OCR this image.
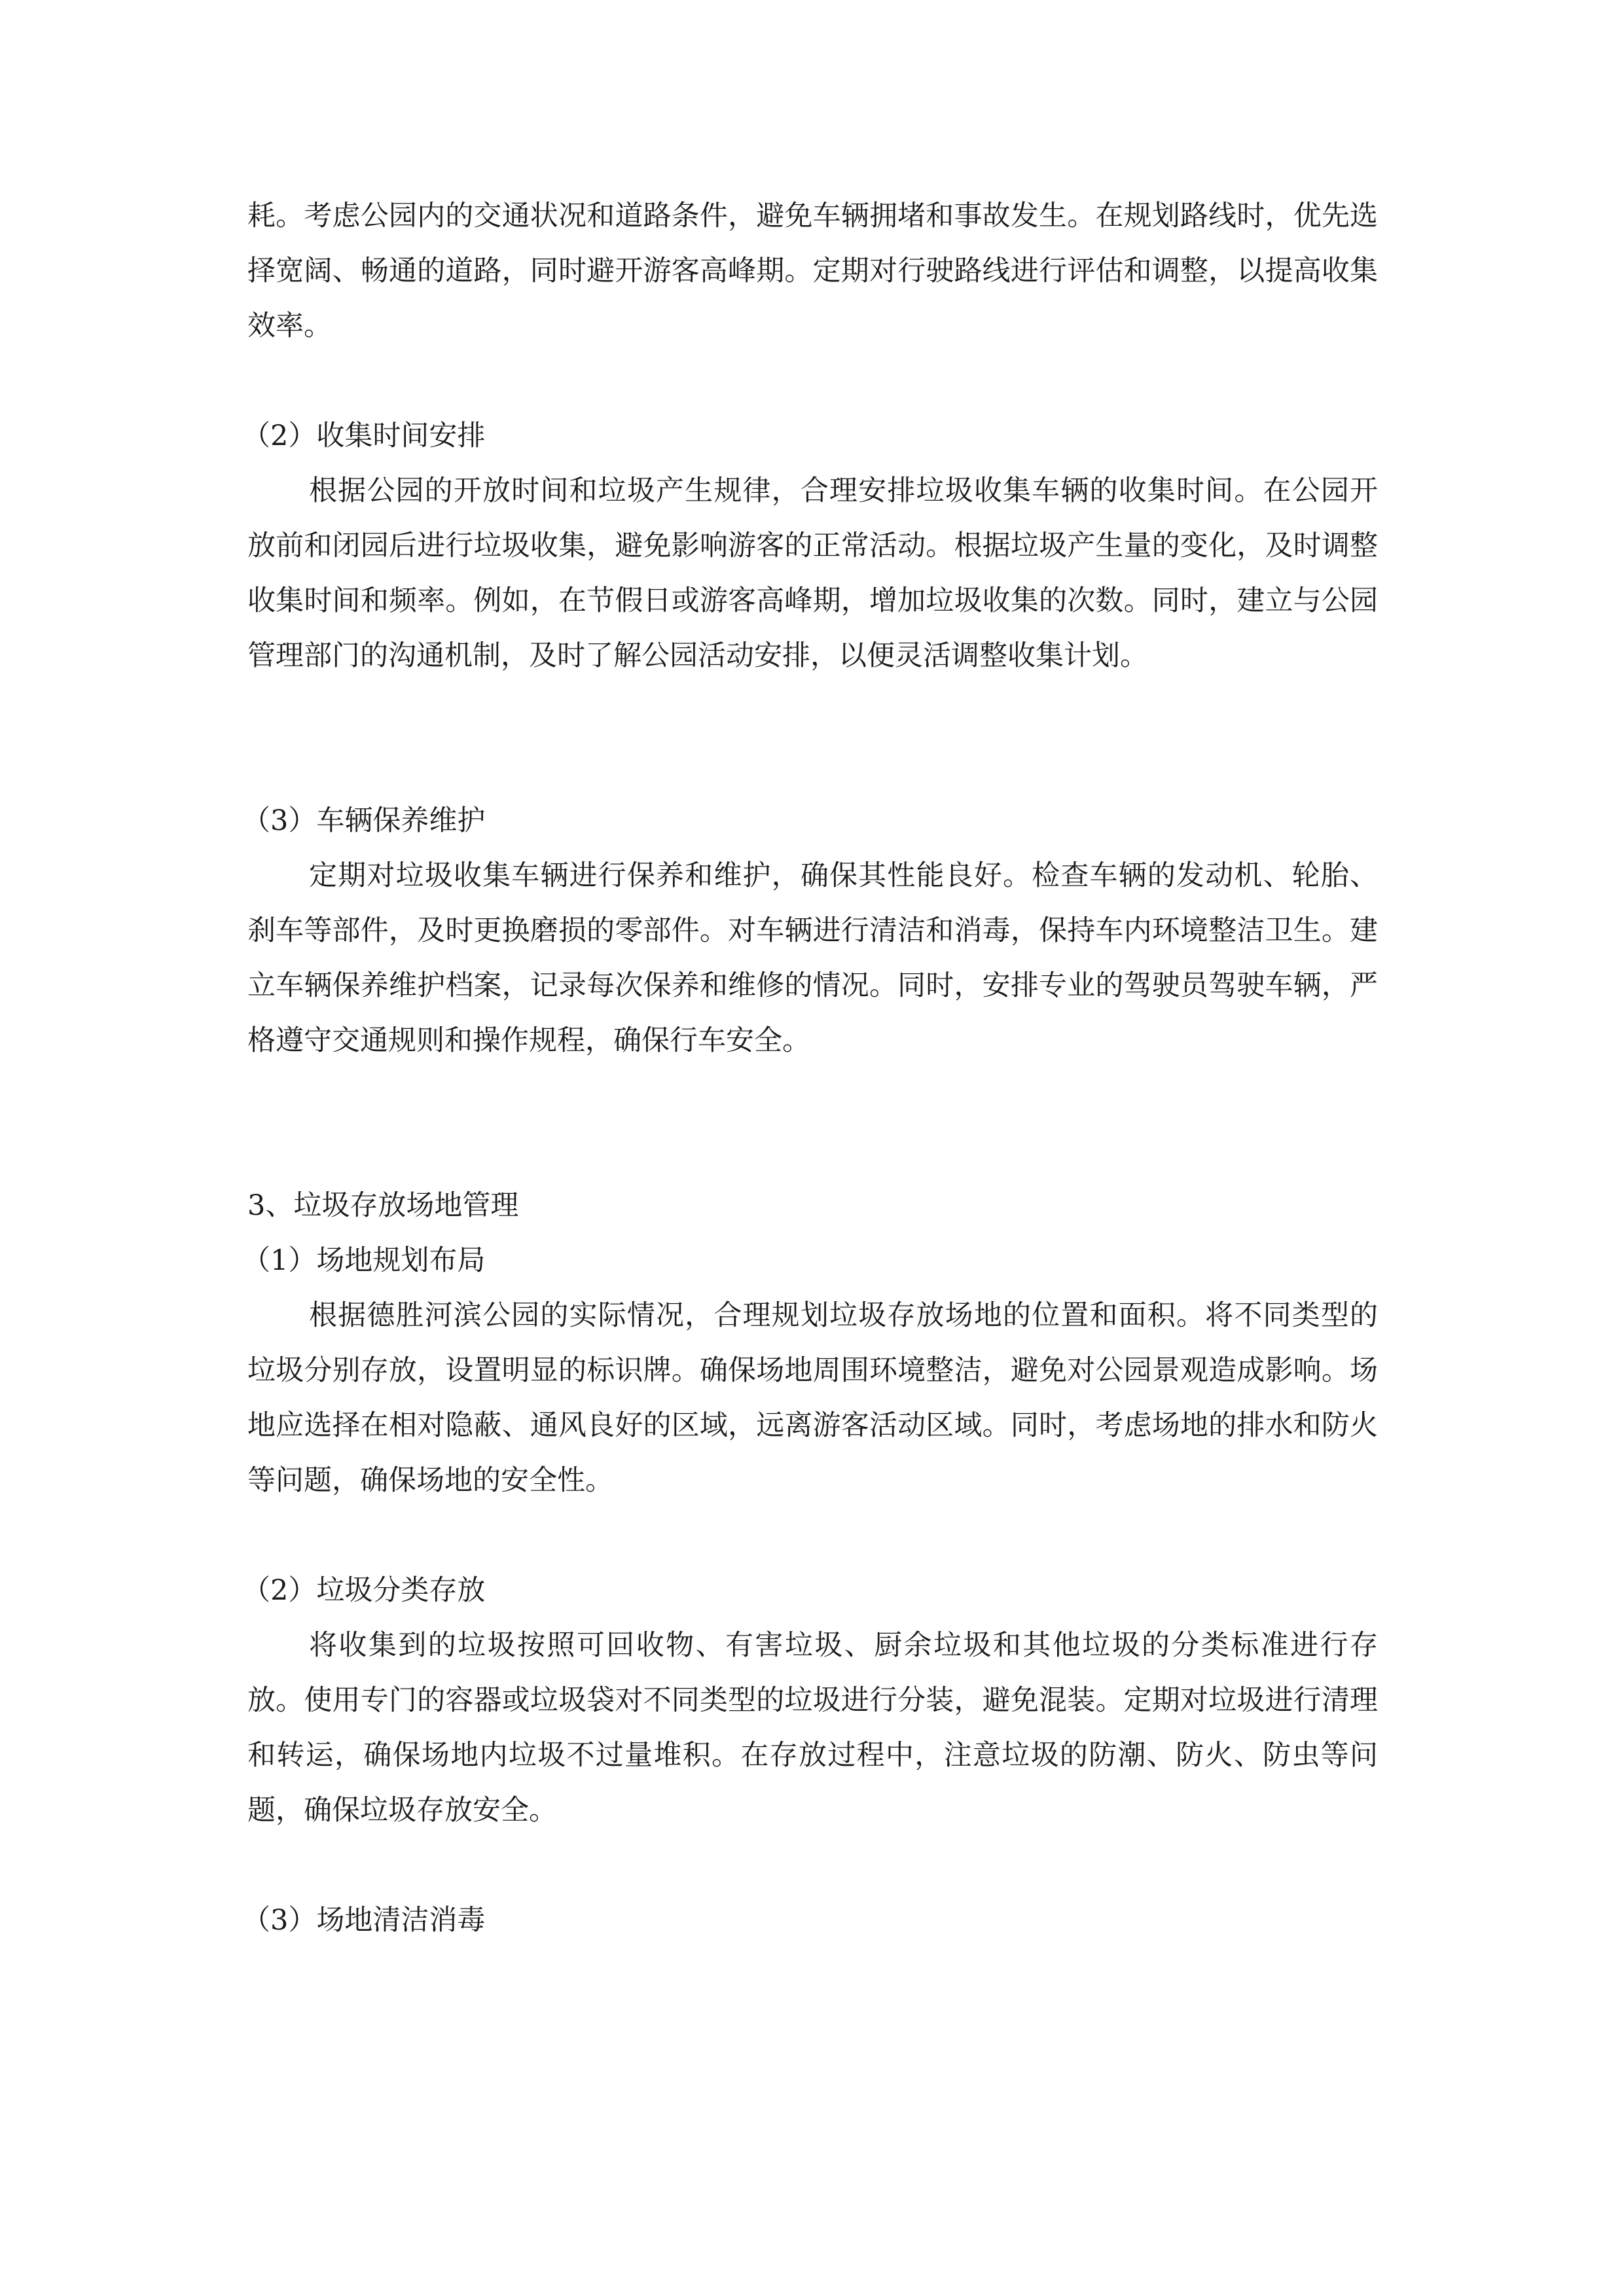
耗。考虑公园内的交通状况和道路条件，避免车辆拥堵和事故发生。在规划路线时，优先选择宽阔、畅通的道路，同时避开游客高峰期。定期对行驶路线进行评估和调整，以提高收集效率。

（2）收集时间安排

根据公园的开放时间和垃圾产生规律，合理安排垃圾收集车辆的收集时间。在公园开放前和闭园后进行垃圾收集，避免影响游客的正常活动。根据垃圾产生量的变化，及时调整收集时间和频率。例如，在节假日或游客高峰期，增加垃圾收集的次数。同时，建立与公园管理部门的沟通机制，及时了解公园活动安排，以便灵活调整收集计划。

（3）车辆保养维护

定期对垃圾收集车辆进行保养和维护，确保其性能良好。检查车辆的发动机、轮胎、刹车等部件，及时更换磨损的零部件。对车辆进行清洁和消毒，保持车内环境整洁卫生。建立车辆保养维护档案，记录每次保养和维修的情况。同时，安排专业的驾驶员驾驶车辆，严格遵守交通规则和操作规程，确保行车安全。

3、垃圾存放场地管理
（1）场地规划布局

根据德胜河滨公园的实际情况，合理规划垃圾存放场地的位置和面积。将不同类型的垃圾分别存放，设置明显的标识牌。确保场地周围环境整洁，避免对公园景观造成影响。场地应选择在相对隐蔽、通风良好的区域，远离游客活动区域。同时，考虑场地的排水和防火等问题，确保场地的安全性。

（2）垃圾分类存放

将收集到的垃圾按照可回收物、有害垃圾、厨余垃圾和其他垃圾的分类标准进行存放。使用专门的容器或垃圾袋对不同类型的垃圾进行分装，避免混装。定期对垃圾进行清理和转运，确保场地内垃圾不过量堆积。在存放过程中，注意垃圾的防潮、防火、防虫等问题，确保垃圾存放安全。

（3）场地清洁消毒
